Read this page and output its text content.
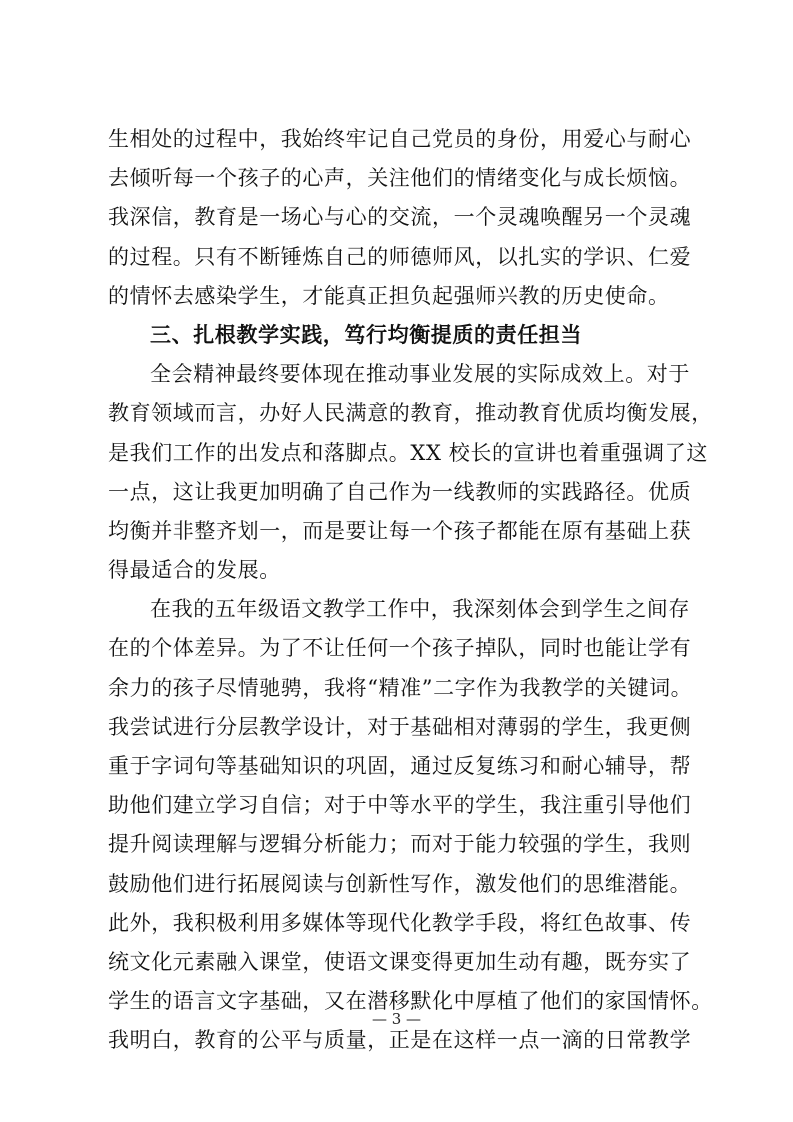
生相处的过程中，我始终牢记自己党员的身份，用爱心与耐心
去倾听每一个孩子的心声，关注他们的情绪变化与成长烦恼。
我深信，教育是一场心与心的交流，一个灵魂唤醒另一个灵魂
的过程。只有不断锤炼自己的师德师风，以扎实的学识、仁爱
的情怀去感染学生，才能真正担负起强师兴教的历史使命。
三、扎根教学实践，笃行均衡提质的责任担当
全会精神最终要体现在推动事业发展的实际成效上。对于
教育领域而言，办好人民满意的教育，推动教育优质均衡发展，
是我们工作的出发点和落脚点。XX 校长的宣讲也着重强调了这
一点，这让我更加明确了自己作为一线教师的实践路径。优质
均衡并非整齐划一，而是要让每一个孩子都能在原有基础上获
得最适合的发展。
在我的五年级语文教学工作中，我深刻体会到学生之间存
在的个体差异。为了不让任何一个孩子掉队，同时也能让学有
余力的孩子尽情驰骋，我将“精准”二字作为我教学的关键词。
我尝试进行分层教学设计，对于基础相对薄弱的学生，我更侧
重于字词句等基础知识的巩固，通过反复练习和耐心辅导，帮
助他们建立学习自信；对于中等水平的学生，我注重引导他们
提升阅读理解与逻辑分析能力；而对于能力较强的学生，我则
鼓励他们进行拓展阅读与创新性写作，激发他们的思维潜能。
此外，我积极利用多媒体等现代化教学手段，将红色故事、传
统文化元素融入课堂，使语文课变得更加生动有趣，既夯实了
学生的语言文字基础，又在潜移默化中厚植了他们的家国情怀。
我明白，教育的公平与质量，正是在这样一点一滴的日常教学
— 3 —
